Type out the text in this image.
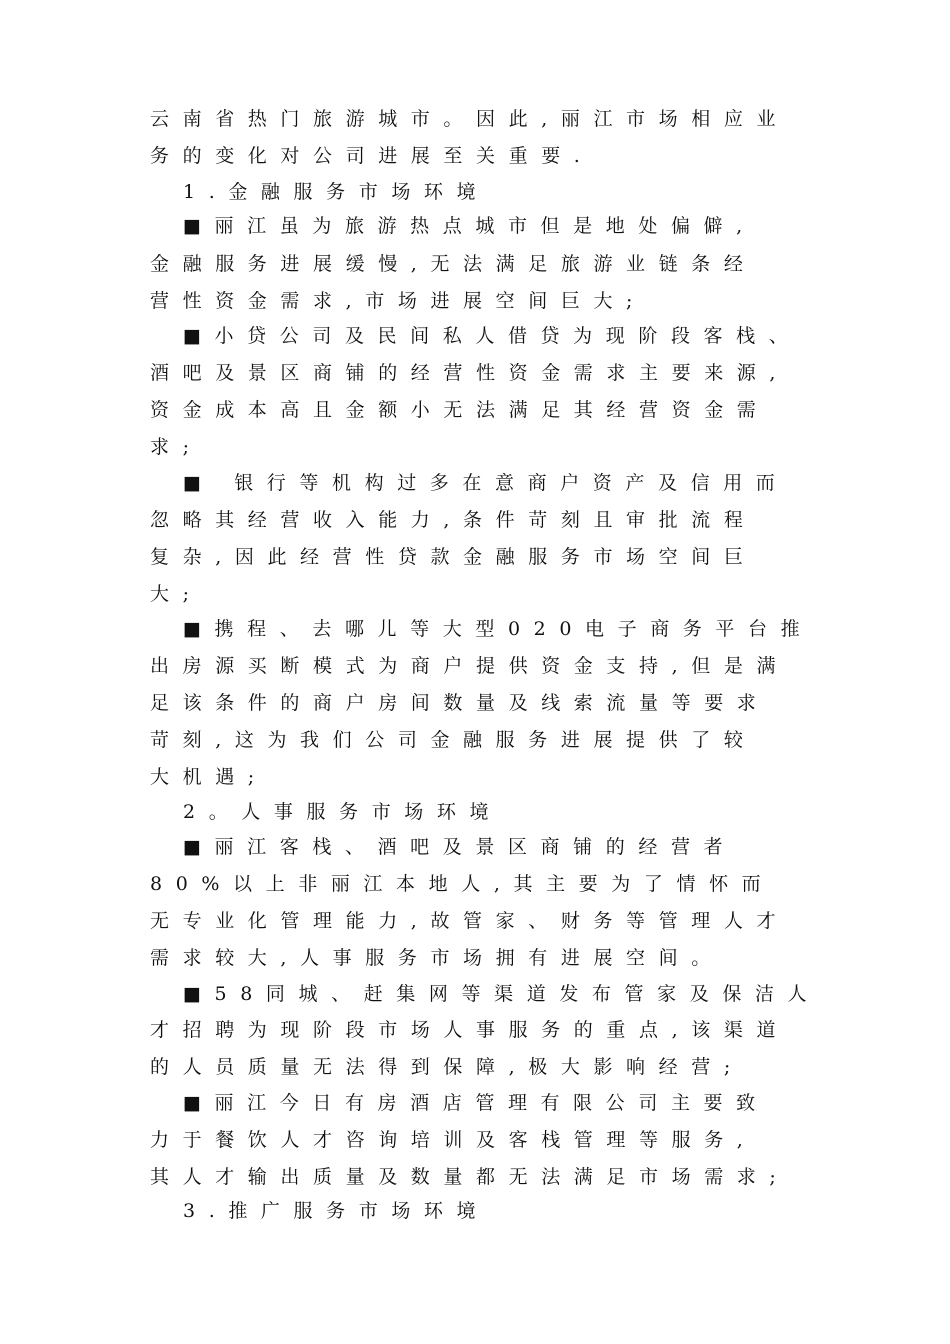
云南省热门旅游城市。因此,丽江市场相应业
务的变化对公司进展至关重要.
1.金融服务市场环境
■丽江虽为旅游热点城市但是地处偏僻,
金融服务进展缓慢,无法满足旅游业链条经
营性资金需求,市场进展空间巨大;
■小贷公司及民间私人借贷为现阶段客栈、
酒吧及景区商铺的经营性资金需求主要来源,
资金成本高且金额小无法满足其经营资金需
求;
■ 银行等机构过多在意商户资产及信用而
忽略其经营收入能力,条件苛刻且审批流程
复杂,因此经营性贷款金融服务市场空间巨
大;
■携程、去哪儿等大型020电子商务平台推
出房源买断模式为商户提供资金支持,但是满
足该条件的商户房间数量及线索流量等要求
苛刻,这为我们公司金融服务进展提供了较
大机遇;
2。人事服务市场环境
■丽江客栈、酒吧及景区商铺的经营者
80%以上非丽江本地人,其主要为了情怀而
无专业化管理能力,故管家、财务等管理人才
需求较大,人事服务市场拥有进展空间。
■58同城、赶集网等渠道发布管家及保洁人
才招聘为现阶段市场人事服务的重点,该渠道
的人员质量无法得到保障,极大影响经营;
■丽江今日有房酒店管理有限公司主要致
力于餐饮人才咨询培训及客栈管理等服务,
其人才输出质量及数量都无法满足市场需求;
3.推广服务市场环境
